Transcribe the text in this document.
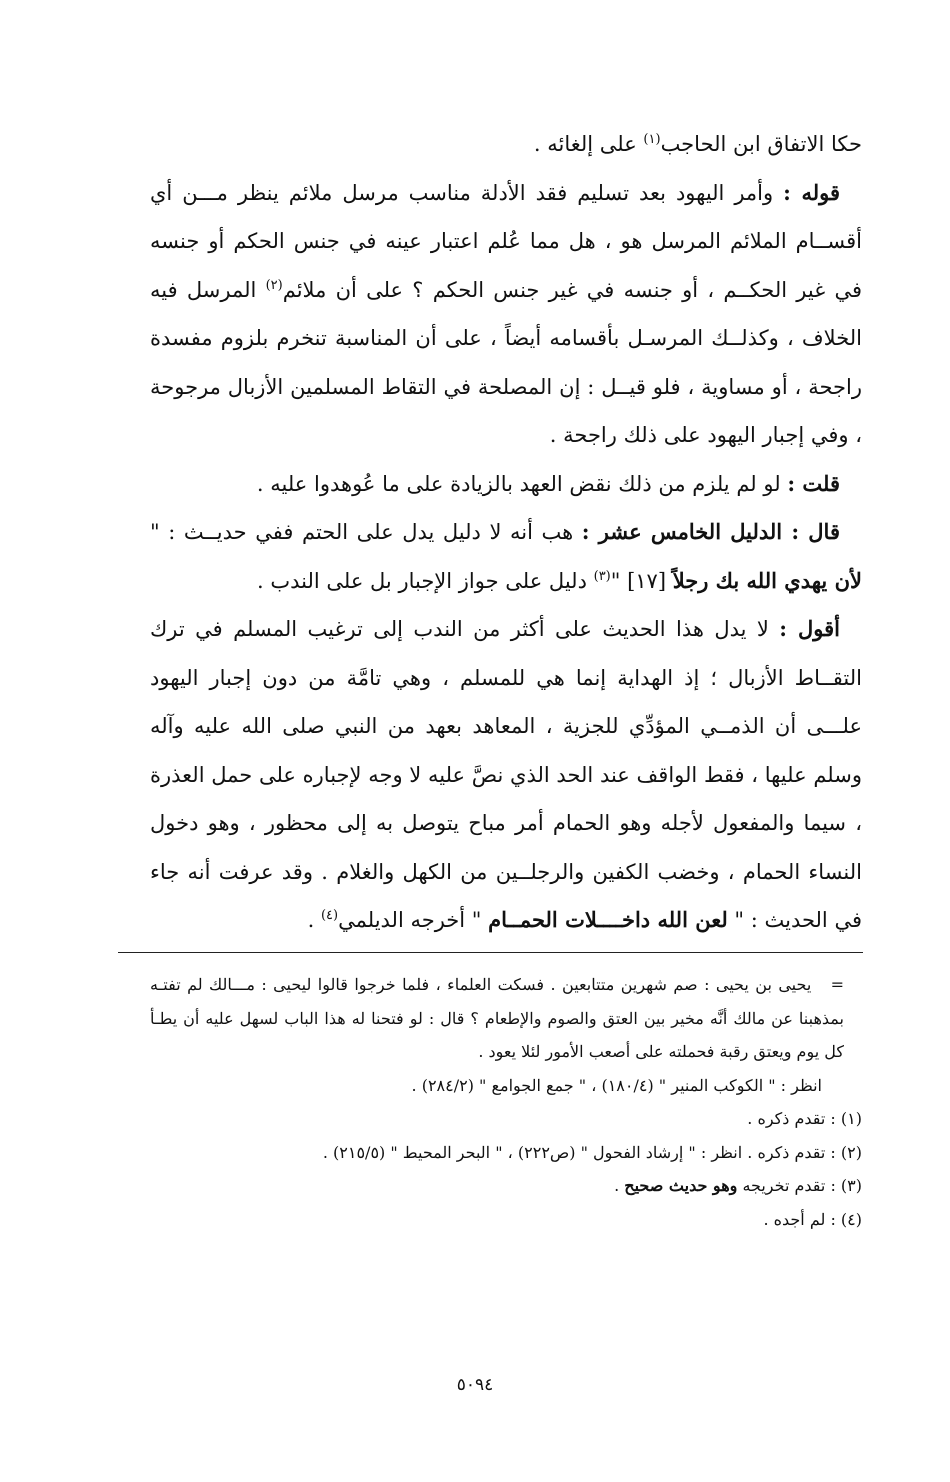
حكا الاتفاق ابن الحاجب$^{(١)}$ على إلغائه .

قوله : وأمر اليهود بعد تسليم فقد الأدلة مناسب مرسل ملائم ينظر مـــن أي أقســام الملائم المرسل هو ، هل مما عُلم اعتبار عينه في جنس الحكم أو جنسه في غير الحكــم ، أو جنسه في غير جنس الحكم ؟ على أن ملائم$^{(٢)}$ المرسل فيه الخلاف ، وكذلــك المرسـل بأقسامه أيضاً ، على أن المناسبة تنخرم بلزوم مفسدة راجحة ، أو مساوية ، فلو قيــل : إن المصلحة في التقاط المسلمين الأزبال مرجوحة ، وفي إجبار اليهود على ذلك راجحة .

قلت : لو لم يلزم من ذلك نقض العهد بالزيادة على ما عُوهدوا عليه .

قال : الدليل الخامس عشر : هب أنه لا دليل يدل على الحتم ففي حديــث : " لأن يهدي الله بك رجلاً [١٧] "$^{(٣)}$ دليل على جواز الإجبار بل على الندب .

أقول : لا يدل هذا الحديث على أكثر من الندب إلى ترغيب المسلم في ترك التقــاط الأزبال ؛ إذ الهداية إنما هي للمسلم ، وهي تامَّة من دون إجبار اليهود علـــى أن الذمــي المؤدِّي للجزية ، المعاهد بعهد من النبي صلى الله عليه وآله وسلم عليها ، فقط الواقف عند الحد الذي نصَّ عليه لا وجه لإجباره على حمل العذرة ، سيما والمفعول لأجله وهو الحمام أمر مباح يتوصل به إلى محظور ، وهو دخول النساء الحمام ، وخضب الكفين والرجلــين من الكهل والغلام . وقد عرفت أنه جاء في الحديث : " لعن الله داخــــلات الحمــام " أخرجه الديلمي$^{(٤)}$ .

=   يحيى بن يحيى : صم شهرين متتابعين . فسكت العلماء ، فلما خرجوا قالوا ليحيى : مـــالك لم تفتـه بمذهبنا عن مالك أنَّه مخير بين العتق والصوم والإطعام ؟ قال : لو فتحنا له هذا الباب لسهل عليه أن يطـأ كل يوم ويعتق رقبة فحملته على أصعب الأمور لئلا يعود .

انظر : " الكوكب المنير " (١٨٠/٤) ، " جمع الجوامع " (٢٨٤/٢) .

(١) : تقدم ذكره .

(٢) : تقدم ذكره . انظر : " إرشاد الفحول " (ص٢٢٢) ، " البحر المحيط " (٢١٥/٥) .

(٣) : تقدم تخريجه وهو حديث صحيح .

(٤) : لم أجده .

٥٠٩٤
